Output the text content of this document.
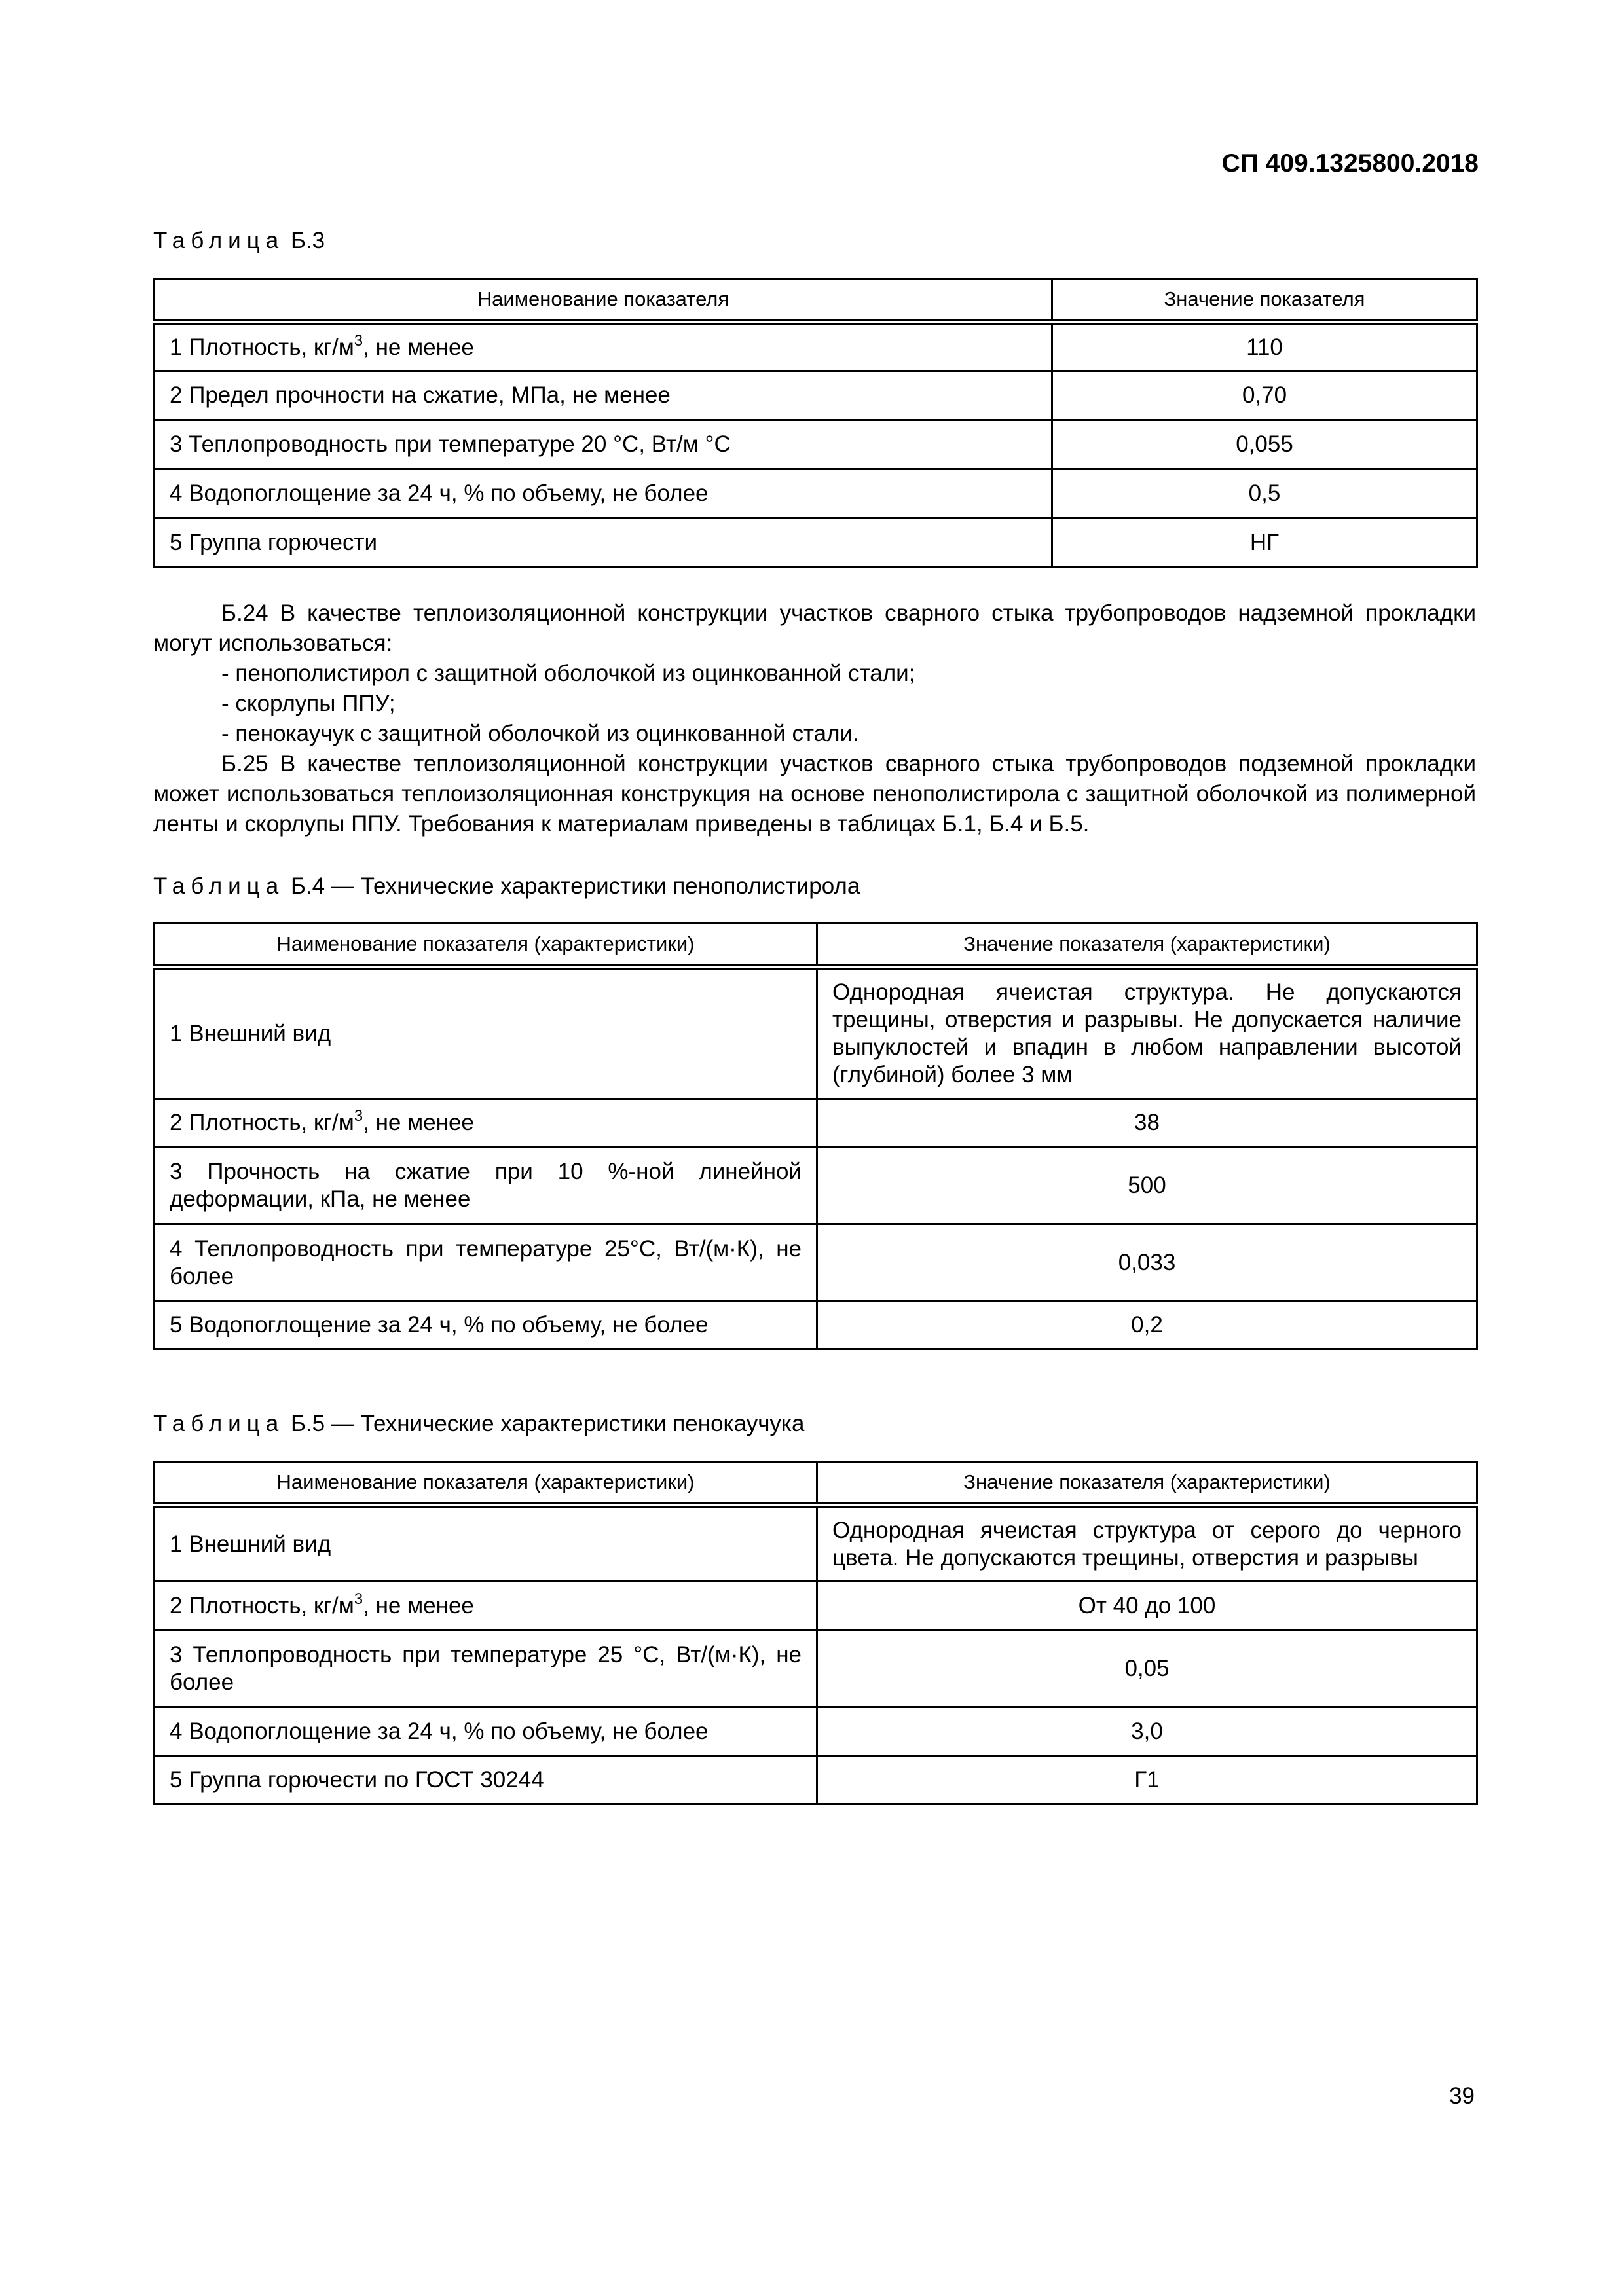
СП 409.1325800.2018
Таблица Б.3
Наименование показателя	Значение показателя
1 Плотность, $кг/м^3$, не менее	110
2 Предел прочности на сжатие, МПа, не менее	0,70
3 Теплопроводность при температуре 20 °С, Вт/м °С	0,055
4 Водопоглощение за 24 ч, % по объему, не более	0,5
5 Группа горючести	НГ

Б.24 В качестве теплоизоляционной конструкции участков сварного стыка трубопроводов надземной прокладки могут использоваться:

- пенополистирол с защитной оболочкой из оцинкованной стали;
- скорлупы ППУ;
- пенокаучук с защитной оболочкой из оцинкованной стали.

Б.25 В качестве теплоизоляционной конструкции участков сварного стыка трубопроводов подземной прокладки может использоваться теплоизоляционная конструкция на основе пенополистирола с защитной оболочкой из полимерной ленты и скорлупы ППУ. Требования к материалам приведены в таблицах Б.1, Б.4 и Б.5.

Таблица Б.4 — Технические характеристики пенополистирола
Наименование показателя (характеристики)	Значение показателя (характеристики)
1 Внешний вид	Однородная ячеистая структура. Не допускаются трещины, отверстия и разрывы. Не допускается наличие выпуклостей и впадин в любом направлении высотой (глубиной) более 3 мм
2 Плотность, $кг/м^3$, не менее	38
3 Прочность на сжатие при 10 %-ной линейной деформации, кПа, не менее	500
4 Теплопроводность при температуре 25°С, Вт/(м·К), не более	0,033
5 Водопоглощение за 24 ч, % по объему, не более	0,2
Таблица Б.5 — Технические характеристики пенокаучука
Наименование показателя (характеристики)	Значение показателя (характеристики)
1 Внешний вид	Однородная ячеистая структура от серого до черного цвета. Не допускаются трещины, отверстия и разрывы
2 Плотность, $кг/м^3$, не менее	От 40 до 100
3 Теплопроводность при температуре 25 °С, Вт/(м·К), не более	0,05
4 Водопоглощение за 24 ч, % по объему, не более	3,0
5 Группа горючести по ГОСТ 30244	Г1
39
